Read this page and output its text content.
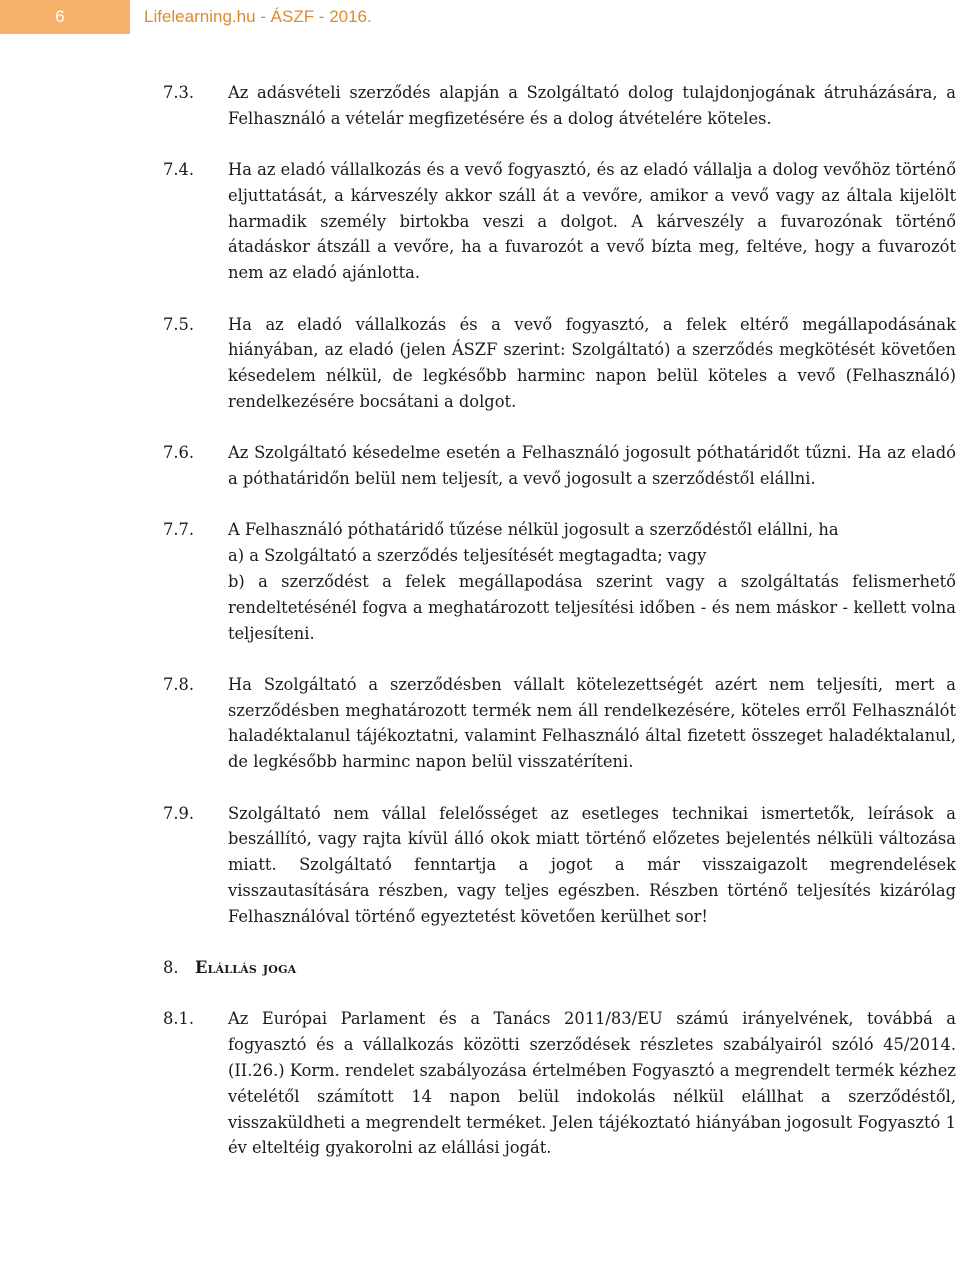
6	Lifelearning.hu - ÁSZF - 2016.
7.3.	Az adásvételi szerződés alapján a Szolgáltató dolog tulajdonjogának átruházására, a Felhasználó a vételár megfizetésére és a dolog átvételére köteles.
7.4.	Ha az eladó vállalkozás és a vevő fogyasztó, és az eladó vállalja a dolog vevőhöz történő eljuttatását, a kárveszély akkor száll át a vevőre, amikor a vevő vagy az általa kijelölt harmadik személy birtokba veszi a dolgot. A kárveszély a fuvarozónak történő átadáskor átszáll a vevőre, ha a fuvarozót a vevő bízta meg, feltéve, hogy a fuvarozót nem az eladó ajánlotta.
7.5.	Ha az eladó vállalkozás és a vevő fogyasztó, a felek eltérő megállapodásának hiányában, az eladó (jelen ÁSZF szerint: Szolgáltató) a szerződés megkötését követően késedelem nélkül, de legkésőbb harminc napon belül köteles a vevő (Felhasználó) rendelkezésére bocsátani a dolgot.
7.6.	Az Szolgáltató késedelme esetén a Felhasználó jogosult póthatáridőt tűzni. Ha az eladó a póthatáridőn belül nem teljesít, a vevő jogosult a szerződéstől elállni.
7.7.	A Felhasználó póthatáridő tűzése nélkül jogosult a szerződéstől elállni, ha
a) a Szolgáltató a szerződés teljesítését megtagadta; vagy
b) a szerződést a felek megállapodása szerint vagy a szolgáltatás felismerhető rendeltetésénél fogva a meghatározott teljesítési időben - és nem máskor - kellett volna teljesíteni.
7.8.	Ha Szolgáltató a szerződésben vállalt kötelezettségét azért nem teljesíti, mert a szerződésben meghatározott termék nem áll rendelkezésére, köteles erről Felhasználót haladéktalanul tájékoztatni, valamint Felhasználó által fizetett összeget haladéktalanul, de legkésőbb harminc napon belül visszatéríteni.
7.9.	Szolgáltató nem vállal felelősséget az esetleges technikai ismertetők, leírások a beszállító, vagy rajta kívül álló okok miatt történő előzetes bejelentés nélküli változása miatt. Szolgáltató fenntartja a jogot a már visszaigazolt megrendelések visszautasítására részben, vagy teljes egészben. Részben történő teljesítés kizárólag Felhasználóval történő egyeztetést követően kerülhet sor!
8.	Elállás joga
8.1.	Az Európai Parlament és a Tanács 2011/83/EU számú irányelvének, továbbá a fogyasztó és a vállalkozás közötti szerződések részletes szabályairól szóló 45/2014. (II.26.) Korm. rendelet szabályozása értelmében Fogyasztó a megrendelt termék kézhez vételétől számított 14 napon belül indokolás nélkül elállhat a szerződéstől, visszaküldheti a megrendelt terméket. Jelen tájékoztató hiányában jogosult Fogyasztó 1 év elteltéig gyakorolni az elállási jogát.
